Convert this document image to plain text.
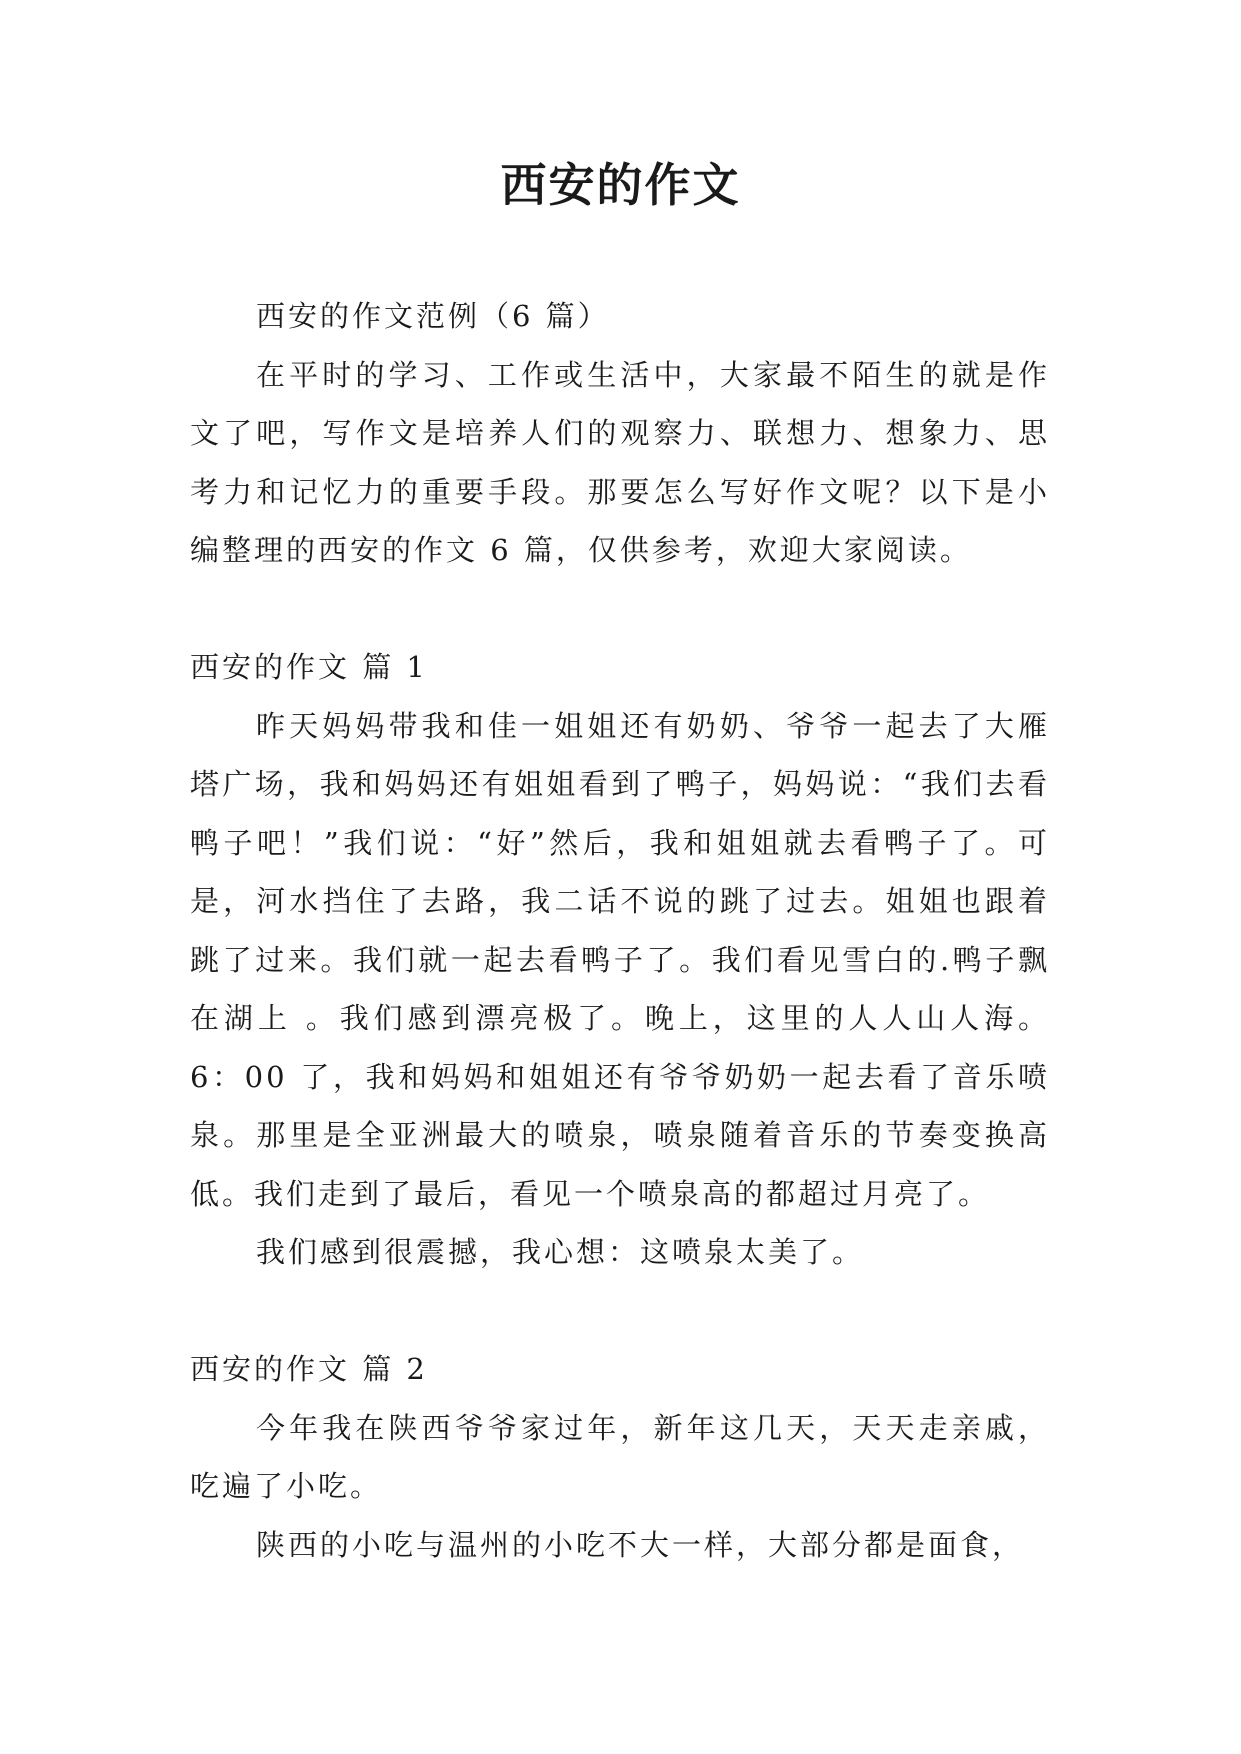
西安的作文

西安的作文范例（6 篇）

在平时的学习、工作或生活中，大家最不陌生的就是作文了吧，写作文是培养人们的观察力、联想力、想象力、思考力和记忆力的重要手段。那要怎么写好作文呢？以下是小编整理的西安的作文 6 篇，仅供参考，欢迎大家阅读。

西安的作文 篇 1

昨天妈妈带我和佳一姐姐还有奶奶、爷爷一起去了大雁塔广场，我和妈妈还有姐姐看到了鸭子，妈妈说：“我们去看鸭子吧！”我们说：“好”然后，我和姐姐就去看鸭子了。可是，河水挡住了去路，我二话不说的跳了过去。姐姐也跟着跳了过来。我们就一起去看鸭子了。我们看见雪白的.鸭子飘在湖上 。我们感到漂亮极了。晚上，这里的人人山人海。6：00 了，我和妈妈和姐姐还有爷爷奶奶一起去看了音乐喷泉。那里是全亚洲最大的喷泉，喷泉随着音乐的节奏变换高低。我们走到了最后，看见一个喷泉高的都超过月亮了。

我们感到很震撼，我心想：这喷泉太美了。

西安的作文 篇 2

今年我在陕西爷爷家过年，新年这几天，天天走亲戚，吃遍了小吃。

陕西的小吃与温州的小吃不大一样，大部分都是面食，
